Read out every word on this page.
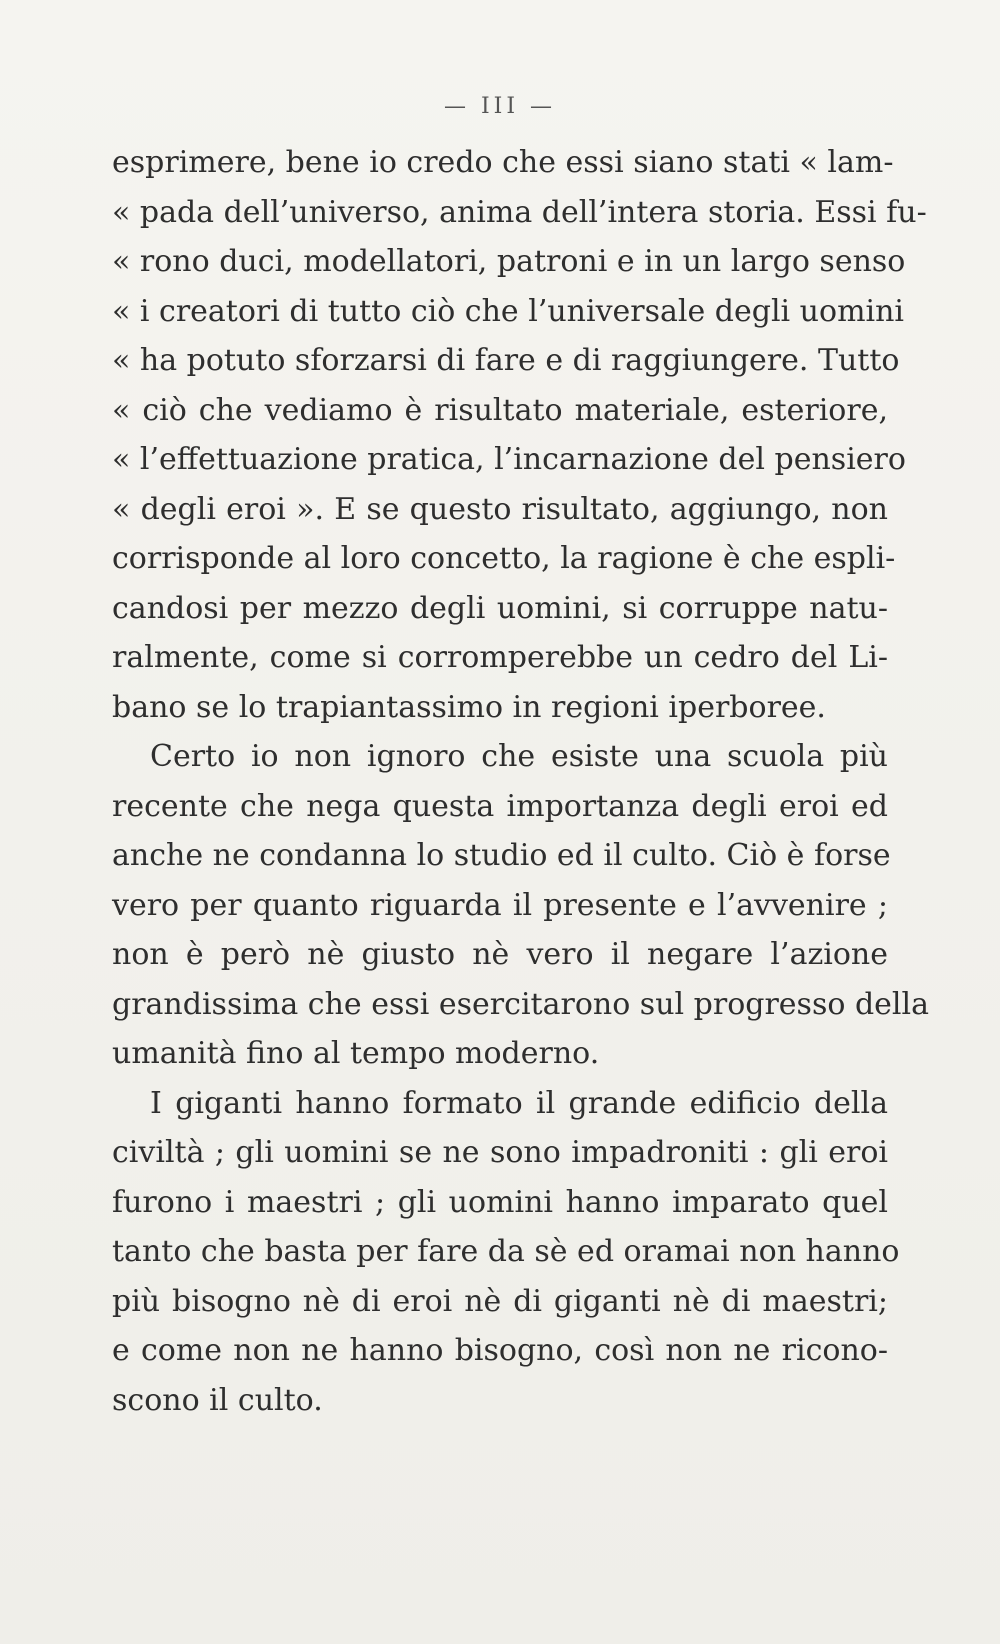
— III —
esprimere, bene io credo che essi siano stati « lam-
« pada dell’universo, anima dell’intera storia. Essi fu-
« rono duci, modellatori, patroni e in un largo senso
« i creatori di tutto ciò che l’universale degli uomini
« ha potuto sforzarsi di fare e di raggiungere. Tutto
« ciò che vediamo è risultato materiale, esteriore,
« l’effettuazione pratica, l’incarnazione del pensiero
« degli eroi ». E se questo risultato, aggiungo, non
corrisponde al loro concetto, la ragione è che espli-
candosi per mezzo degli uomini, si corruppe natu-
ralmente, come si corromperebbe un cedro del Li-
bano se lo trapiantassimo in regioni iperboree.
Certo io non ignoro che esiste una scuola più
recente che nega questa importanza degli eroi ed
anche ne condanna lo studio ed il culto. Ciò è forse
vero per quanto riguarda il presente e l’avvenire ;
non è però nè giusto nè vero il negare l’azione
grandissima che essi esercitarono sul progresso della
umanità fino al tempo moderno.
I giganti hanno formato il grande edificio della
civiltà ; gli uomini se ne sono impadroniti : gli eroi
furono i maestri ; gli uomini hanno imparato quel
tanto che basta per fare da sè ed oramai non hanno
più bisogno nè di eroi nè di giganti nè di maestri;
e come non ne hanno bisogno, così non ne ricono-
scono il culto.
